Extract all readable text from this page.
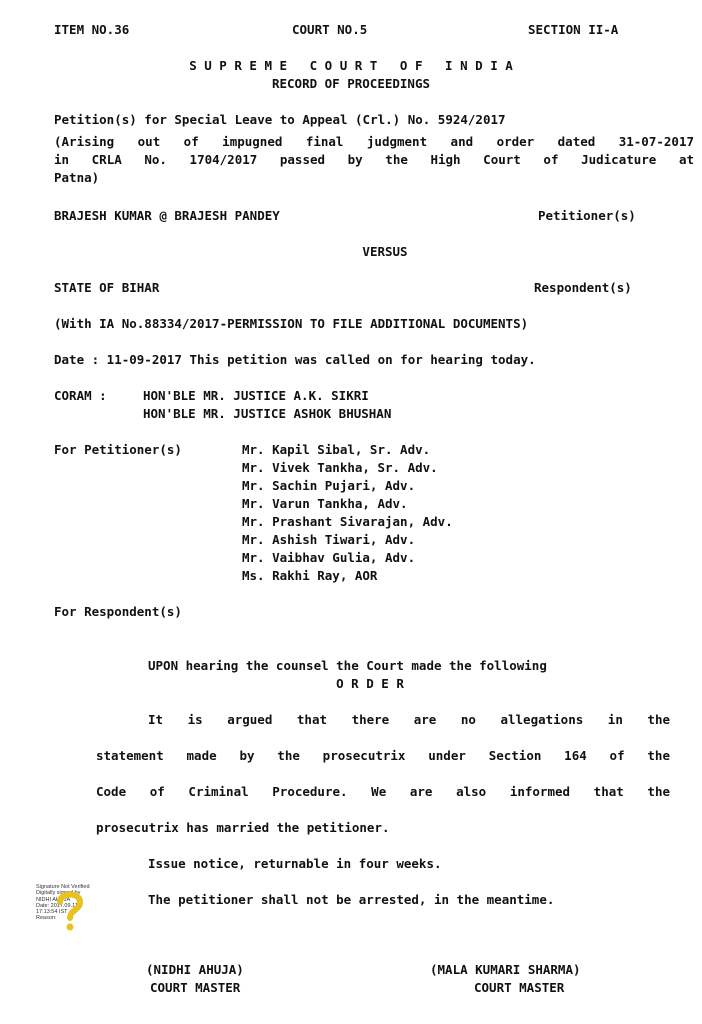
ITEM NO.36	COURT NO.5	SECTION II-A
S U P R E M E   C O U R T   O F   I N D I A
RECORD OF PROCEEDINGS
Petition(s) for Special Leave to Appeal (Crl.) No. 5924/2017
(Arising out of impugned final judgment and order dated 31-07-2017
in CRLA No. 1704/2017 passed by the High Court of Judicature at
Patna)
BRAJESH KUMAR @ BRAJESH PANDEY	Petitioner(s)
VERSUS
STATE OF BIHAR	Respondent(s)
(With IA No.88334/2017-PERMISSION TO FILE ADDITIONAL DOCUMENTS)
Date : 11-09-2017 This petition was called on for hearing today.
CORAM :	HON'BLE MR. JUSTICE A.K. SIKRI
HON'BLE MR. JUSTICE ASHOK BHUSHAN
For Petitioner(s)	Mr. Kapil Sibal, Sr. Adv.
Mr. Vivek Tankha, Sr. Adv.
Mr. Sachin Pujari, Adv.
Mr. Varun Tankha, Adv.
Mr. Prashant Sivarajan, Adv.
Mr. Ashish Tiwari, Adv.
Mr. Vaibhav Gulia, Adv.
Ms. Rakhi Ray, AOR
For Respondent(s)
UPON hearing the counsel the Court made the following
O R D E R
It is argued that there are no allegations in the
statement made by the prosecutrix under Section 164 of the
Code of Criminal Procedure. We are also informed that the
prosecutrix has married the petitioner.
Issue notice, returnable in four weeks.
The petitioner shall not be arrested, in the meantime.
Signature Not Verified
Digitally signed by
NIDHI AHUJA
Date: 2017.09.11
17:13:54 IST
Reason:
(NIDHI AHUJA)
COURT MASTER
(MALA KUMARI SHARMA)
COURT MASTER
